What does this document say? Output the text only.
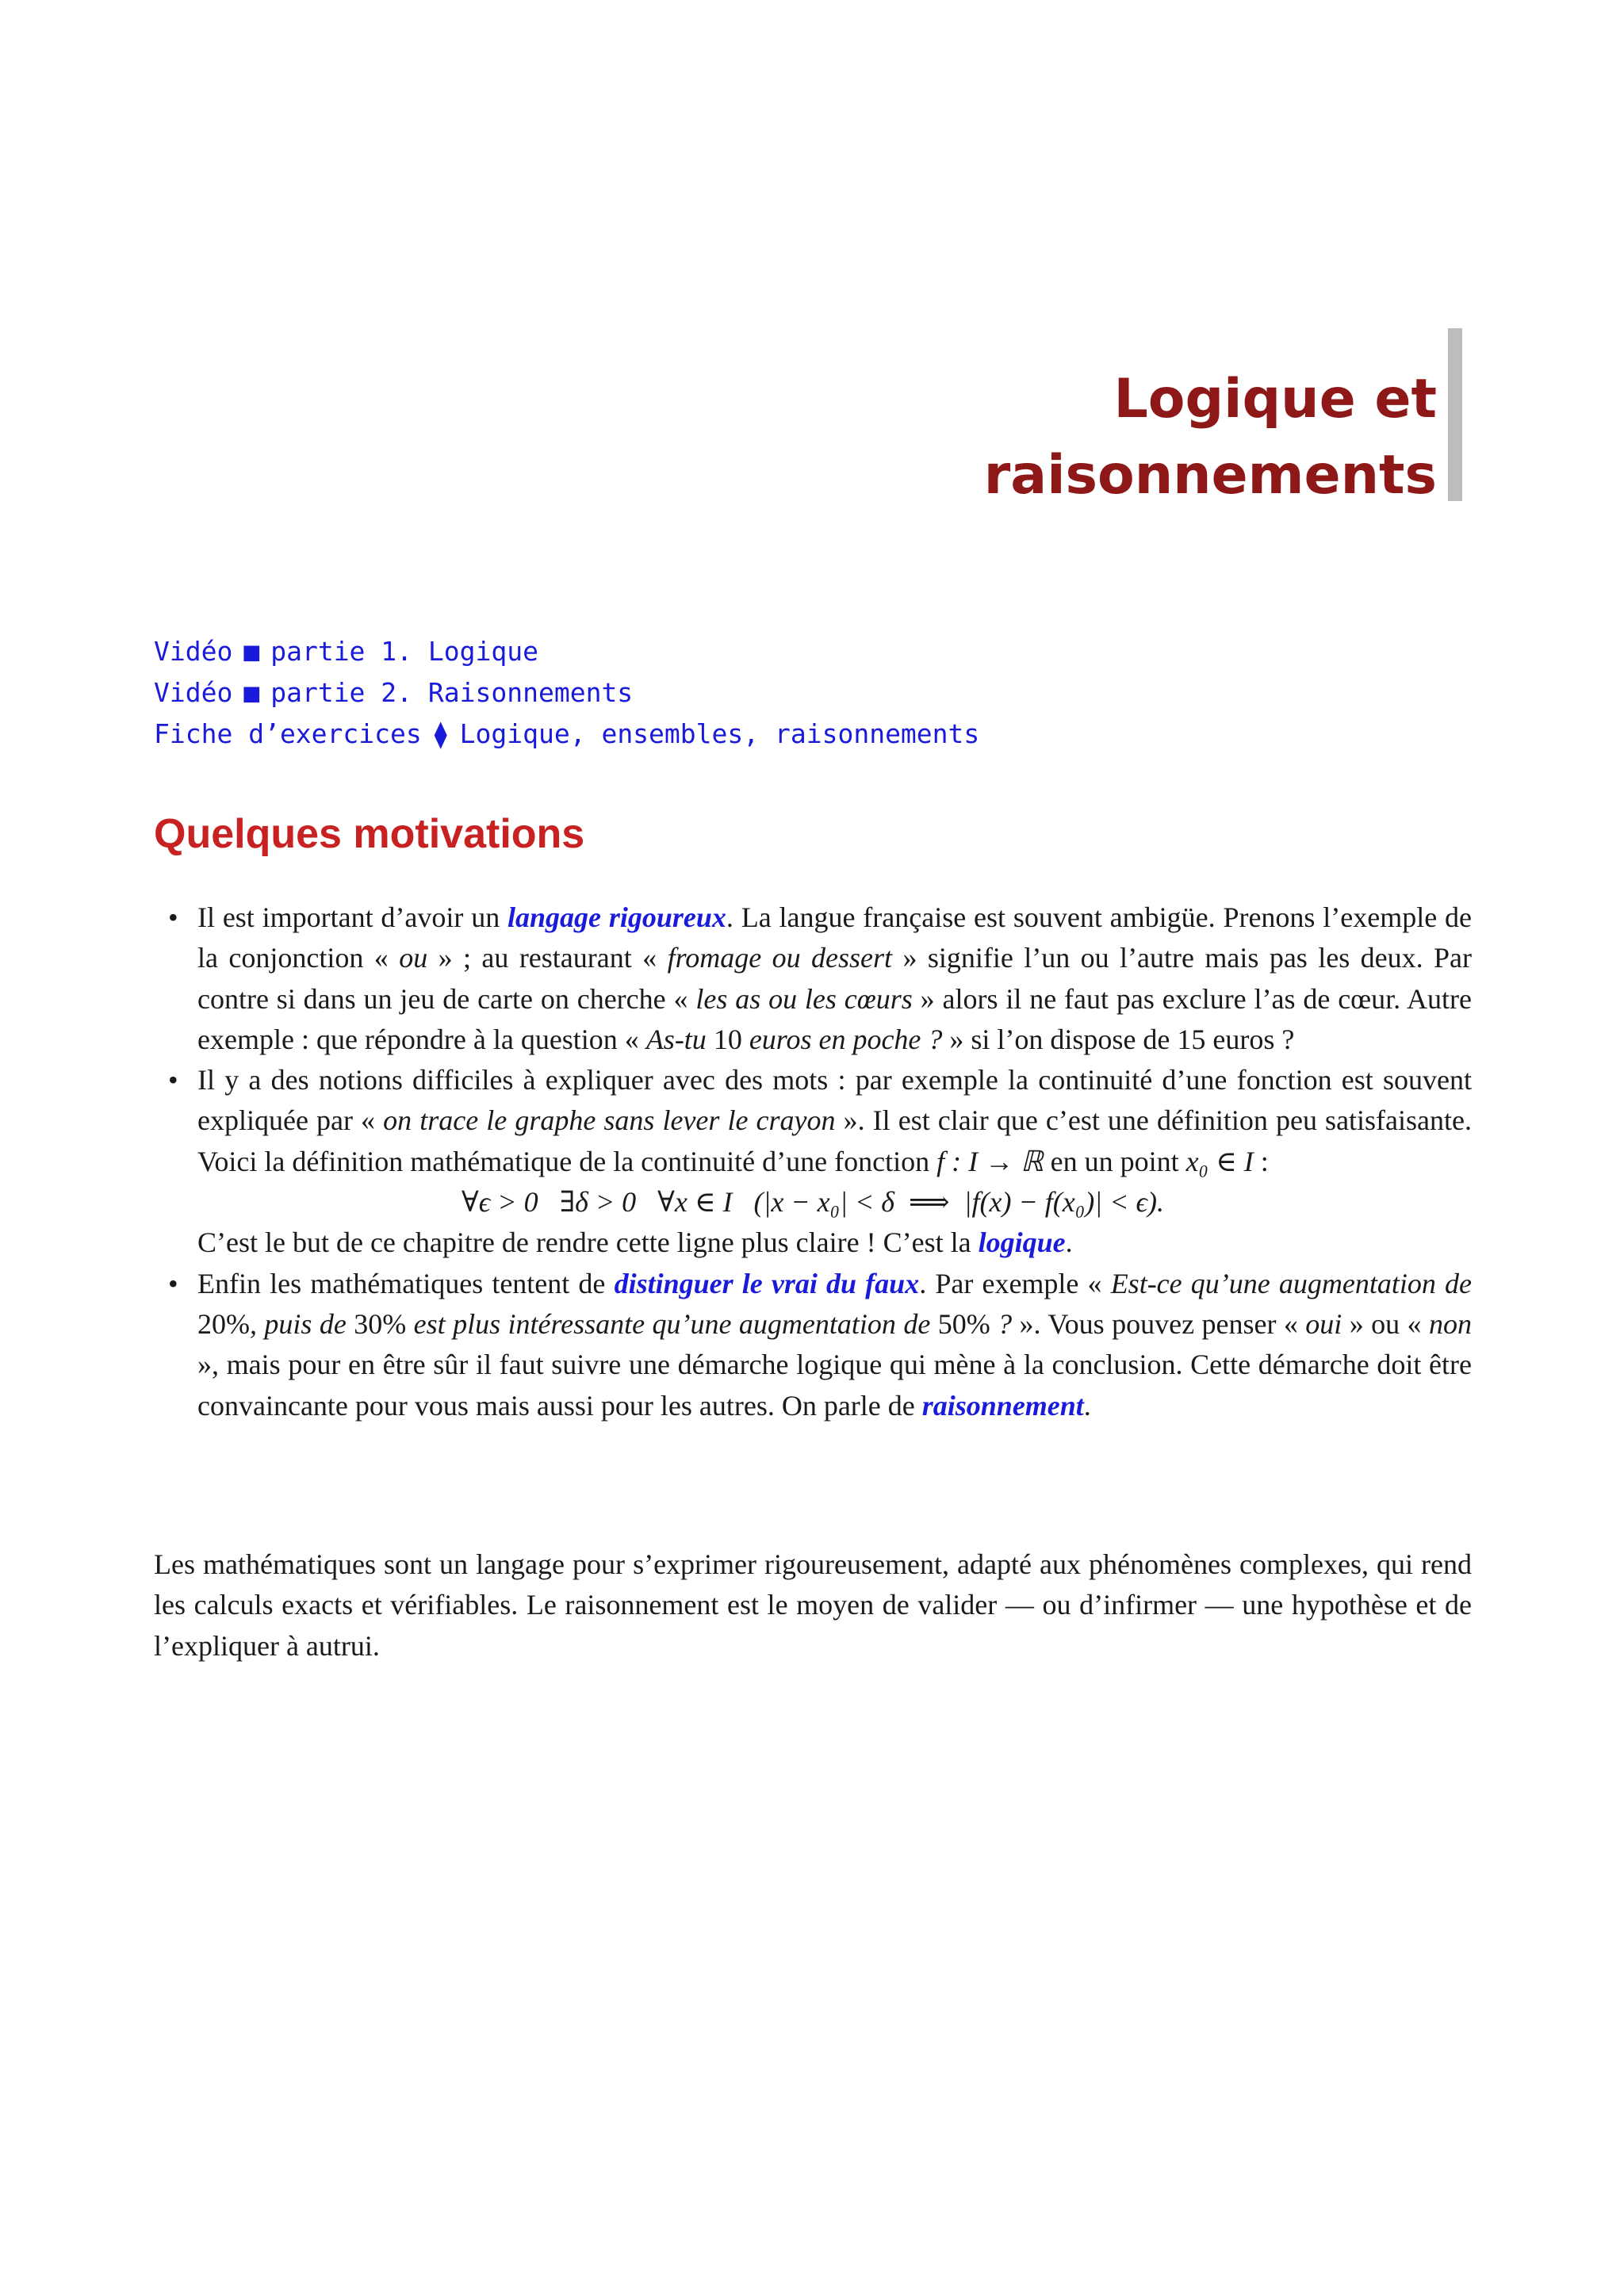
Logique et
raisonnements
Vidéo ■ partie 1. Logique
Vidéo ■ partie 2. Raisonnements
Fiche d’exercices ⧫ Logique, ensembles, raisonnements
Quelques motivations
• Il est important d’avoir un langage rigoureux. La langue française est souvent ambigüe. Prenons l’exemple de la conjonction « ou » ; au restaurant « fromage ou dessert » signifie l’un ou l’autre mais pas les deux. Par contre si dans un jeu de carte on cherche « les as ou les cœurs » alors il ne faut pas exclure l’as de cœur. Autre exemple : que répondre à la question « As-tu 10 euros en poche ? » si l’on dispose de 15 euros ?
• Il y a des notions difficiles à expliquer avec des mots : par exemple la continuité d’une fonction est souvent expliquée par « on trace le graphe sans lever le crayon ». Il est clair que c’est une définition peu satisfaisante. Voici la définition mathématique de la continuité d’une fonction f : I → ℝ en un point x₀ ∈ I :
∀ϵ > 0   ∃δ > 0   ∀x ∈ I   (|x − x₀| < δ  ⟹  |f(x) − f(x₀)| < ϵ).
C’est le but de ce chapitre de rendre cette ligne plus claire ! C’est la logique.
• Enfin les mathématiques tentent de distinguer le vrai du faux. Par exemple « Est-ce qu’une augmentation de 20%, puis de 30% est plus intéressante qu’une augmentation de 50% ? ». Vous pouvez penser « oui » ou « non », mais pour en être sûr il faut suivre une démarche logique qui mène à la conclusion. Cette démarche doit être convaincante pour vous mais aussi pour les autres. On parle de raisonnement.

Les mathématiques sont un langage pour s’exprimer rigoureusement, adapté aux phénomènes complexes, qui rend les calculs exacts et vérifiables. Le raisonnement est le moyen de valider — ou d’infirmer — une hypothèse et de l’expliquer à autrui.
